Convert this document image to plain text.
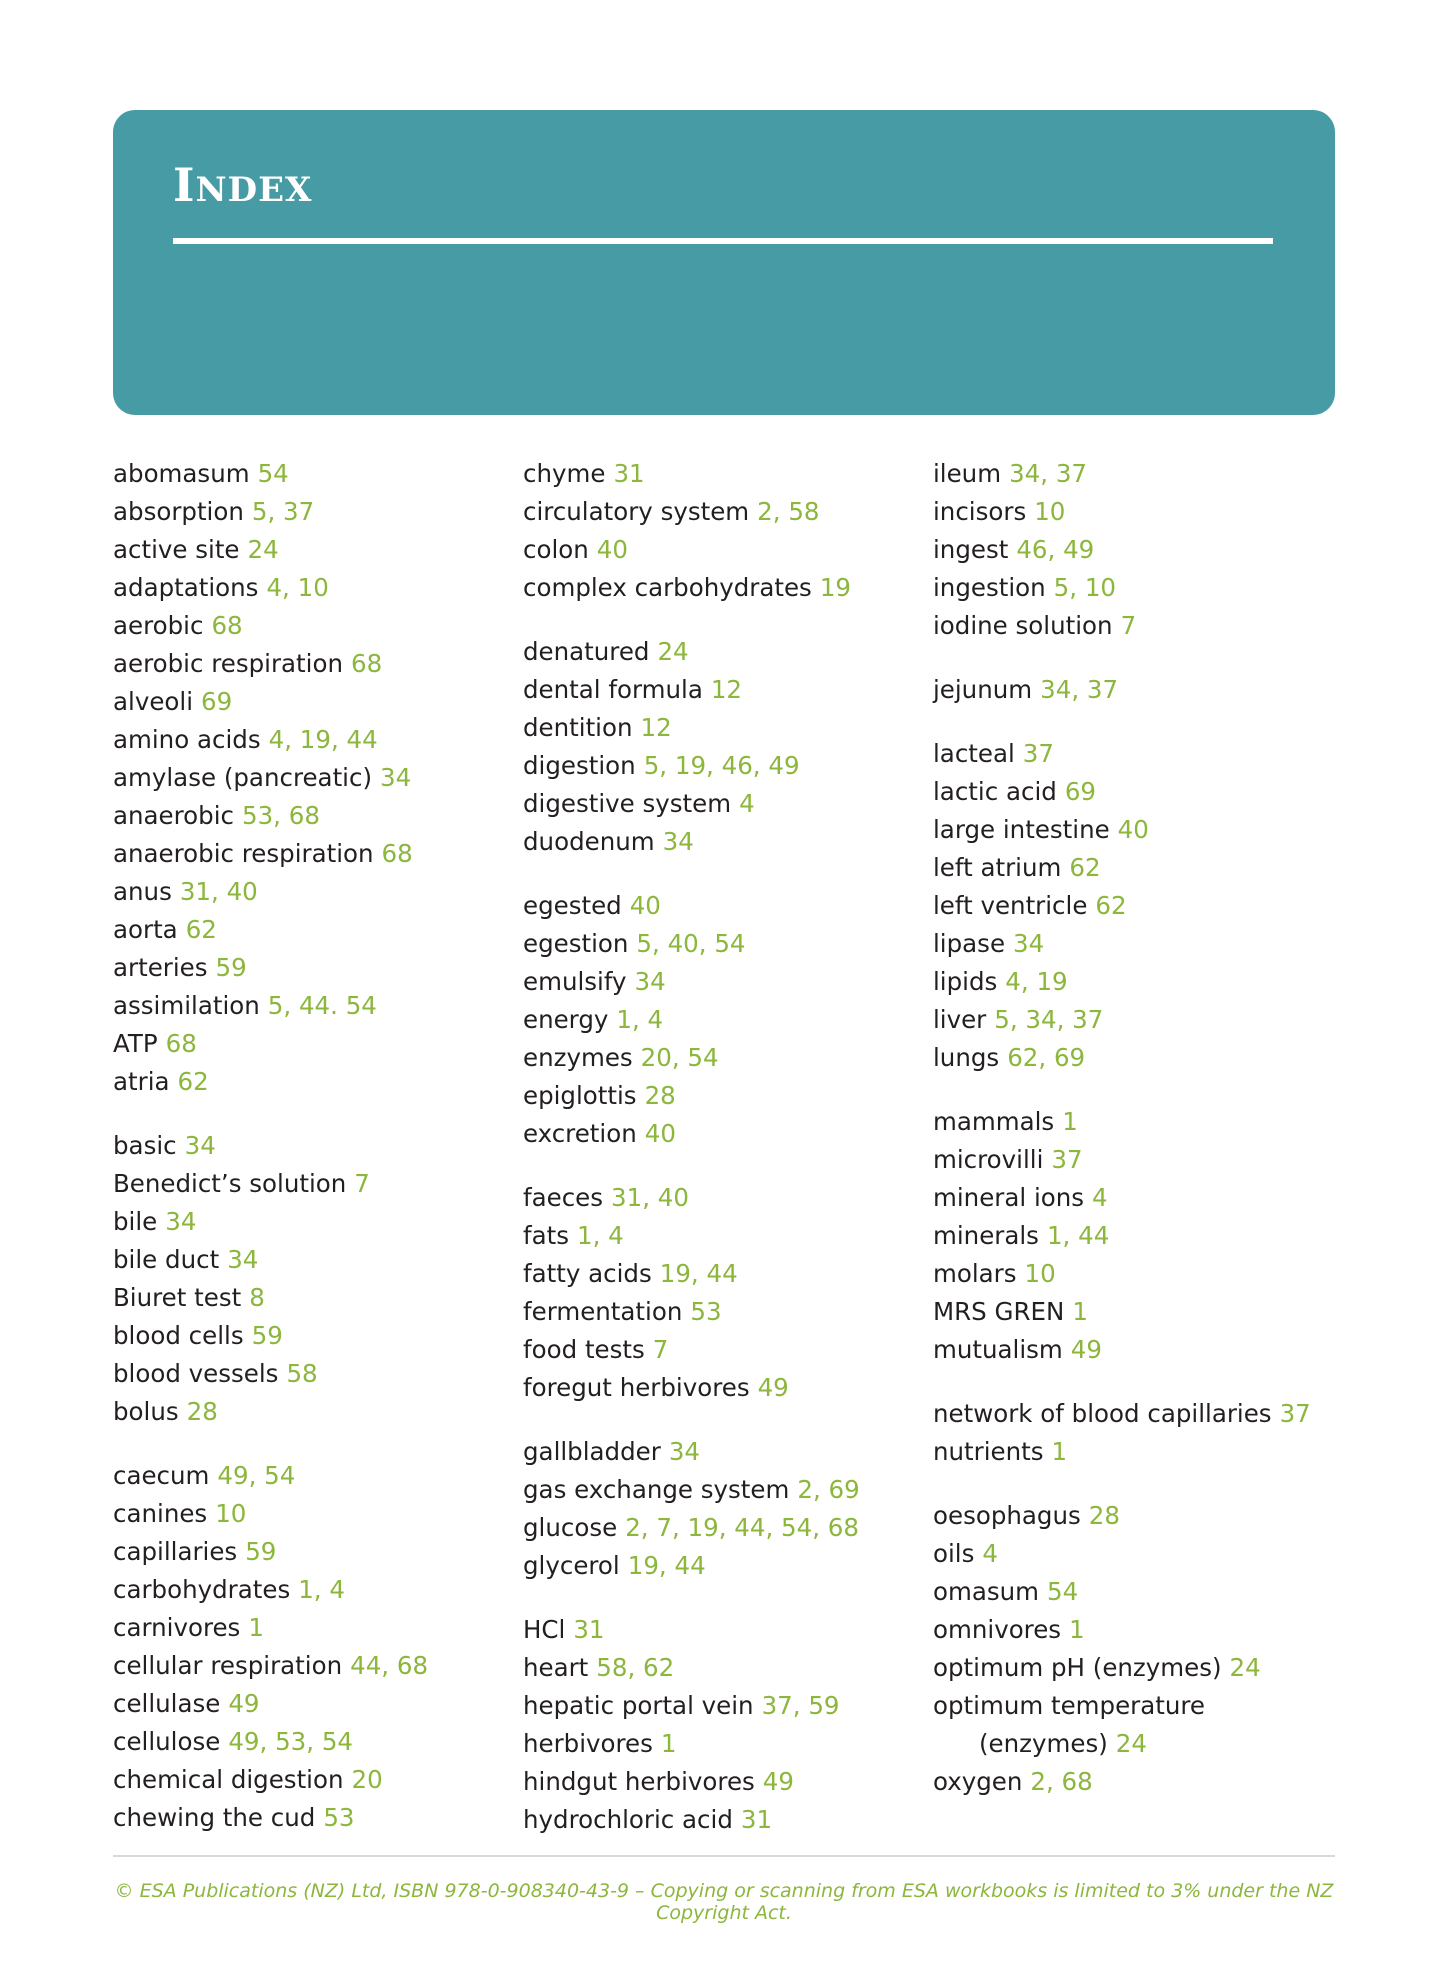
INDEX
abomasum 54
absorption 5, 37
active site 24
adaptations 4, 10
aerobic 68
aerobic respiration 68
alveoli 69
amino acids 4, 19, 44
amylase (pancreatic) 34
anaerobic 53, 68
anaerobic respiration 68
anus 31, 40
aorta 62
arteries 59
assimilation 5, 44. 54
ATP 68
atria 62
basic 34
Benedict’s solution 7
bile 34
bile duct 34
Biuret test 8
blood cells 59
blood vessels 58
bolus 28
caecum 49, 54
canines 10
capillaries 59
carbohydrates 1, 4
carnivores 1
cellular respiration 44, 68
cellulase 49
cellulose 49, 53, 54
chemical digestion 20
chewing the cud 53
chyme 31
circulatory system 2, 58
colon 40
complex carbohydrates 19
denatured 24
dental formula 12
dentition 12
digestion 5, 19, 46, 49
digestive system 4
duodenum 34
egested 40
egestion 5, 40, 54
emulsify 34
energy 1, 4
enzymes 20, 54
epiglottis 28
excretion 40
faeces 31, 40
fats 1, 4
fatty acids 19, 44
fermentation 53
food tests 7
foregut herbivores 49
gallbladder 34
gas exchange system 2, 69
glucose 2, 7, 19, 44, 54, 68
glycerol 19, 44
HCl 31
heart 58, 62
hepatic portal vein 37, 59
herbivores 1
hindgut herbivores 49
hydrochloric acid 31
ileum 34, 37
incisors 10
ingest 46, 49
ingestion 5, 10
iodine solution 7
jejunum 34, 37
lacteal 37
lactic acid 69
large intestine 40
left atrium 62
left ventricle 62
lipase 34
lipids 4, 19
liver 5, 34, 37
lungs 62, 69
mammals 1
microvilli 37
mineral ions 4
minerals 1, 44
molars 10
MRS GREN 1
mutualism 49
network of blood capillaries 37
nutrients 1
oesophagus 28
oils 4
omasum 54
omnivores 1
optimum pH (enzymes) 24
optimum temperature
(enzymes) 24
oxygen 2, 68
© ESA Publications (NZ) Ltd, ISBN 978-0-908340-43-9 – Copying or scanning from ESA workbooks is limited to 3% under the NZ Copyright Act.
